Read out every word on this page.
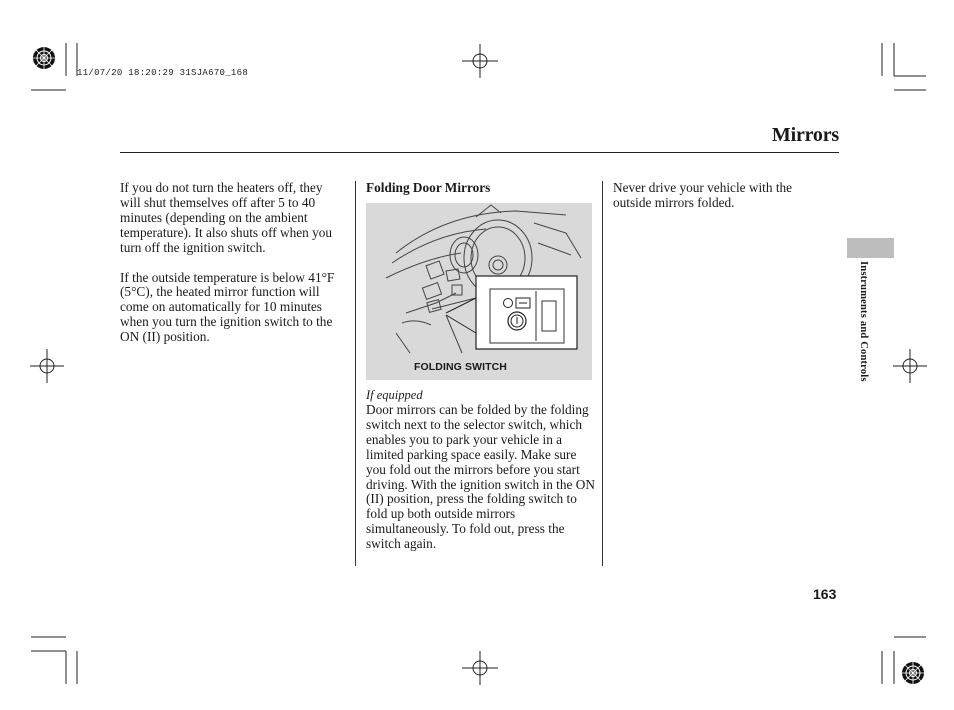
11/07/20 18:20:29 31SJA670_168
Mirrors

If you do not turn the heaters off, they will shut themselves off after 5 to 40 minutes (depending on the ambient temperature). It also shuts off when you turn off the ignition switch.

If the outside temperature is below 41°F (5°C), the heated mirror function will come on automatically for 10 minutes when you turn the ignition switch to the ON (II) position.

Folding Door Mirrors
FOLDING SWITCH
If equipped

Door mirrors can be folded by the folding switch next to the selector switch, which enables you to park your vehicle in a limited parking space easily. Make sure you fold out the mirrors before you start driving. With the ignition switch in the ON (II) position, press the folding switch to fold up both outside mirrors simultaneously. To fold out, press the switch again.

Never drive your vehicle with the outside mirrors folded.

Instruments and Controls
163
